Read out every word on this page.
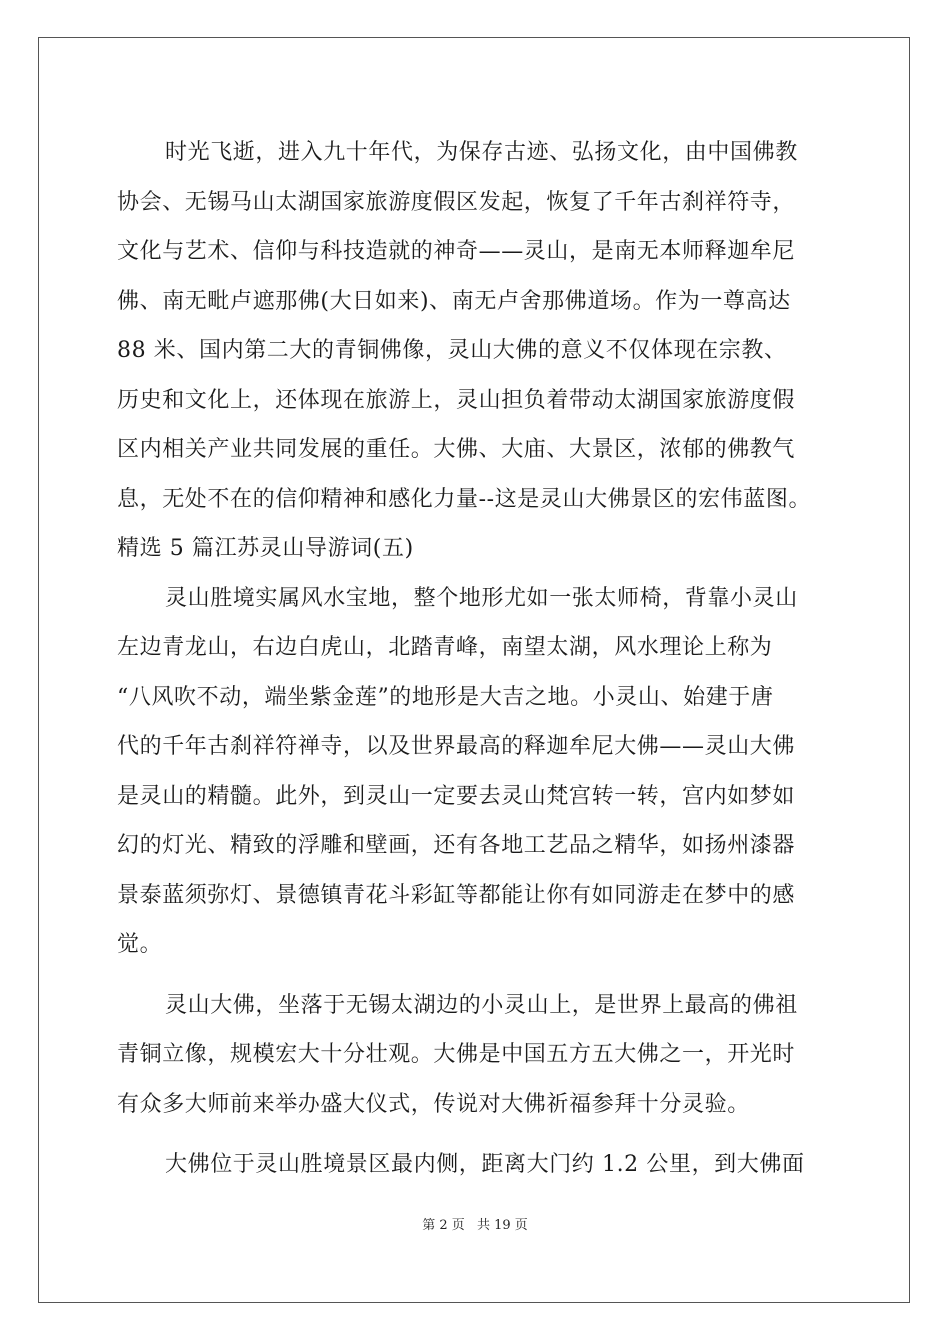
时光飞逝，进入九十年代，为保存古迹、弘扬文化，由中国佛教
协会、无锡马山太湖国家旅游度假区发起，恢复了千年古刹祥符寺，
文化与艺术、信仰与科技造就的神奇——灵山，是南无本师释迦牟尼
佛、南无毗卢遮那佛(大日如来)、南无卢舍那佛道场。作为一尊高达
88 米、国内第二大的青铜佛像，灵山大佛的意义不仅体现在宗教、
历史和文化上，还体现在旅游上，灵山担负着带动太湖国家旅游度假
区内相关产业共同发展的重任。大佛、大庙、大景区，浓郁的佛教气
息，无处不在的信仰精神和感化力量--这是灵山大佛景区的宏伟蓝图。
精选 5 篇江苏灵山导游词(五)
灵山胜境实属风水宝地，整个地形尤如一张太师椅，背靠小灵山
左边青龙山，右边白虎山，北踏青峰，南望太湖，风水理论上称为
“八风吹不动，端坐紫金莲”的地形是大吉之地。小灵山、始建于唐
代的千年古刹祥符禅寺，以及世界最高的释迦牟尼大佛——灵山大佛
是灵山的精髓。此外，到灵山一定要去灵山梵宫转一转，宫内如梦如
幻的灯光、精致的浮雕和壁画，还有各地工艺品之精华，如扬州漆器
景泰蓝须弥灯、景德镇青花斗彩缸等都能让你有如同游走在梦中的感
觉。
灵山大佛，坐落于无锡太湖边的小灵山上，是世界上最高的佛祖
青铜立像，规模宏大十分壮观。大佛是中国五方五大佛之一，开光时
有众多大师前来举办盛大仪式，传说对大佛祈福参拜十分灵验。
大佛位于灵山胜境景区最内侧，距离大门约 1.2 公里，到大佛面
第 2 页 共 19 页
